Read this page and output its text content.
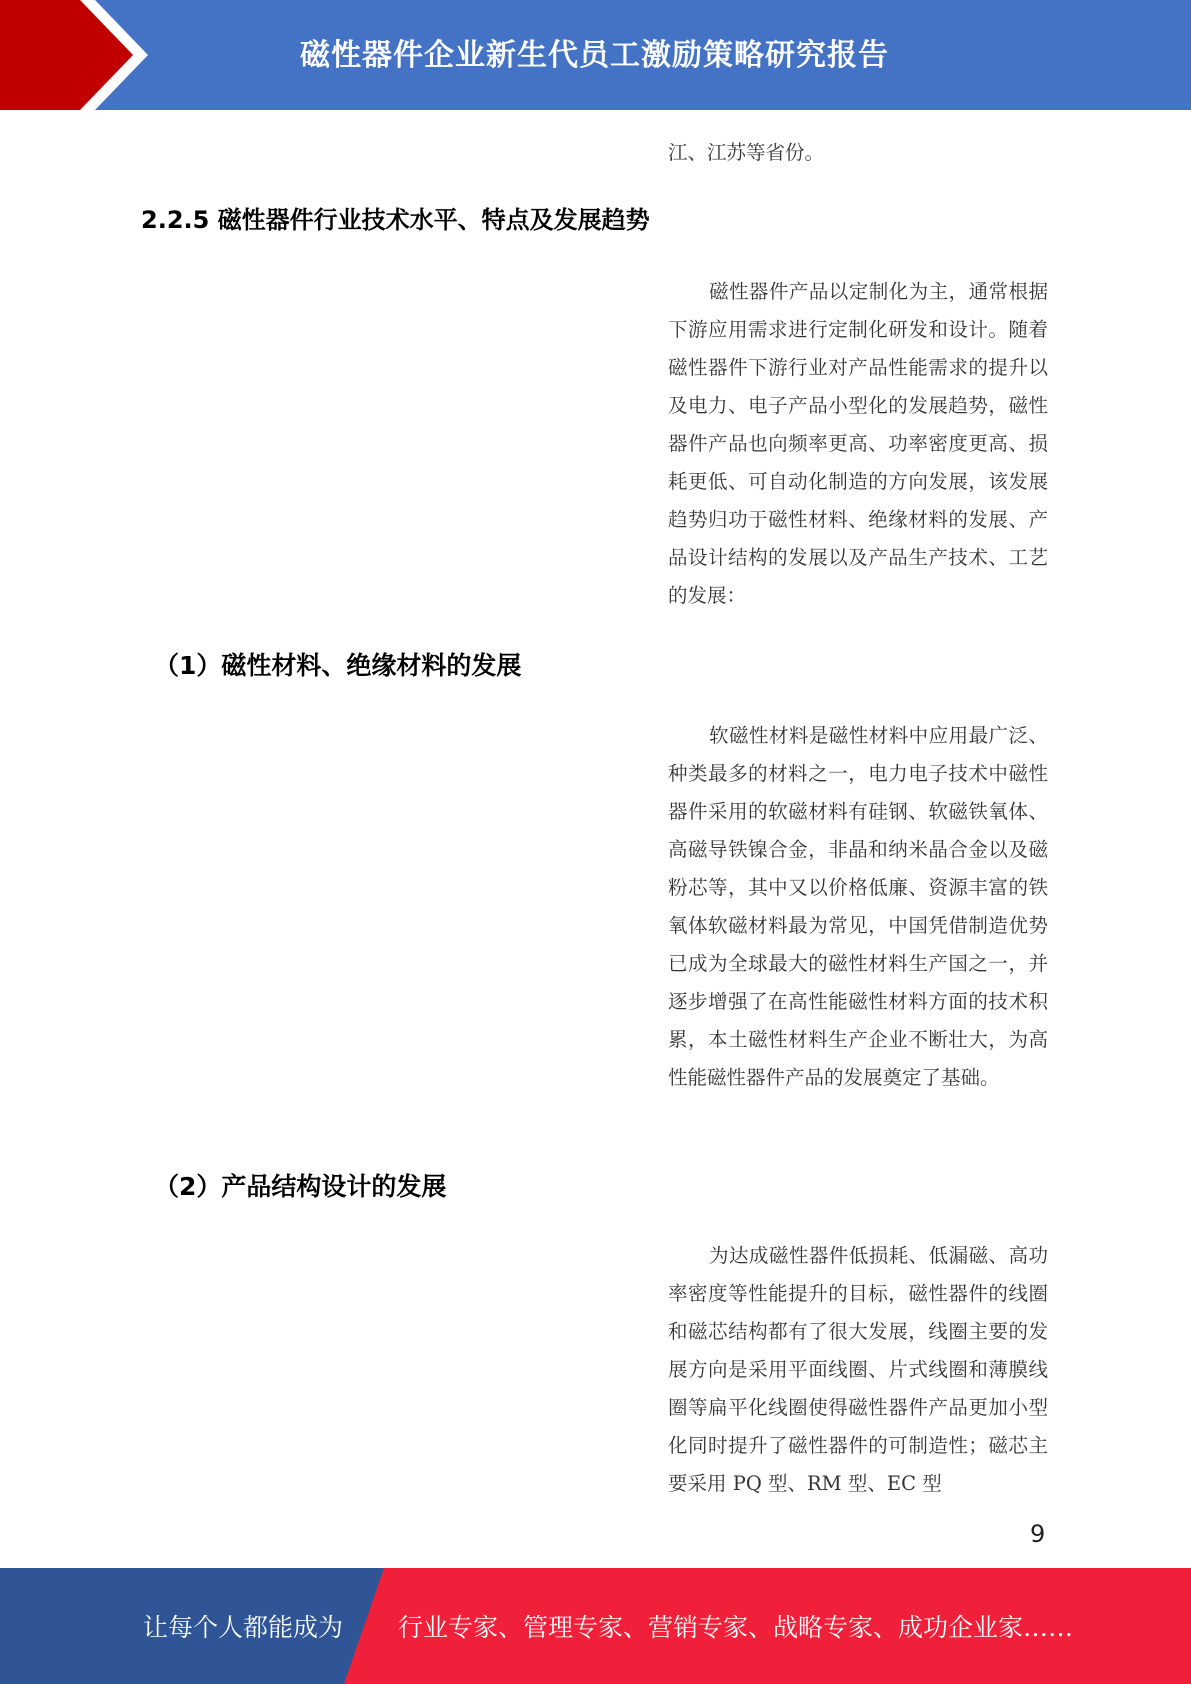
磁性器件企业新生代员工激励策略研究报告
江、江苏等省份。
2.2.5 磁性器件行业技术水平、特点及发展趋势
磁性器件产品以定制化为主，通常根据下游应用需求进行定制化研发和设计。随着磁性器件下游行业对产品性能需求的提升以及电力、电子产品小型化的发展趋势，磁性器件产品也向频率更高、功率密度更高、损耗更低、可自动化制造的方向发展，该发展趋势归功于磁性材料、绝缘材料的发展、产品设计结构的发展以及产品生产技术、工艺的发展：
（1）磁性材料、绝缘材料的发展
软磁性材料是磁性材料中应用最广泛、种类最多的材料之一，电力电子技术中磁性器件采用的软磁材料有硅钢、软磁铁氧体、高磁导铁镍合金，非晶和纳米晶合金以及磁粉芯等，其中又以价格低廉、资源丰富的铁氧体软磁材料最为常见，中国凭借制造优势已成为全球最大的磁性材料生产国之一，并逐步增强了在高性能磁性材料方面的技术积累，本土磁性材料生产企业不断壮大，为高性能磁性器件产品的发展奠定了基础。
（2）产品结构设计的发展
为达成磁性器件低损耗、低漏磁、高功率密度等性能提升的目标，磁性器件的线圈和磁芯结构都有了很大发展，线圈主要的发展方向是采用平面线圈、片式线圈和薄膜线圈等扁平化线圈使得磁性器件产品更加小型化同时提升了磁性器件的可制造性；磁芯主要采用 PQ 型、RM 型、EC 型
9
让每个人都能成为 行业专家、管理专家、营销专家、战略专家、成功企业家……
